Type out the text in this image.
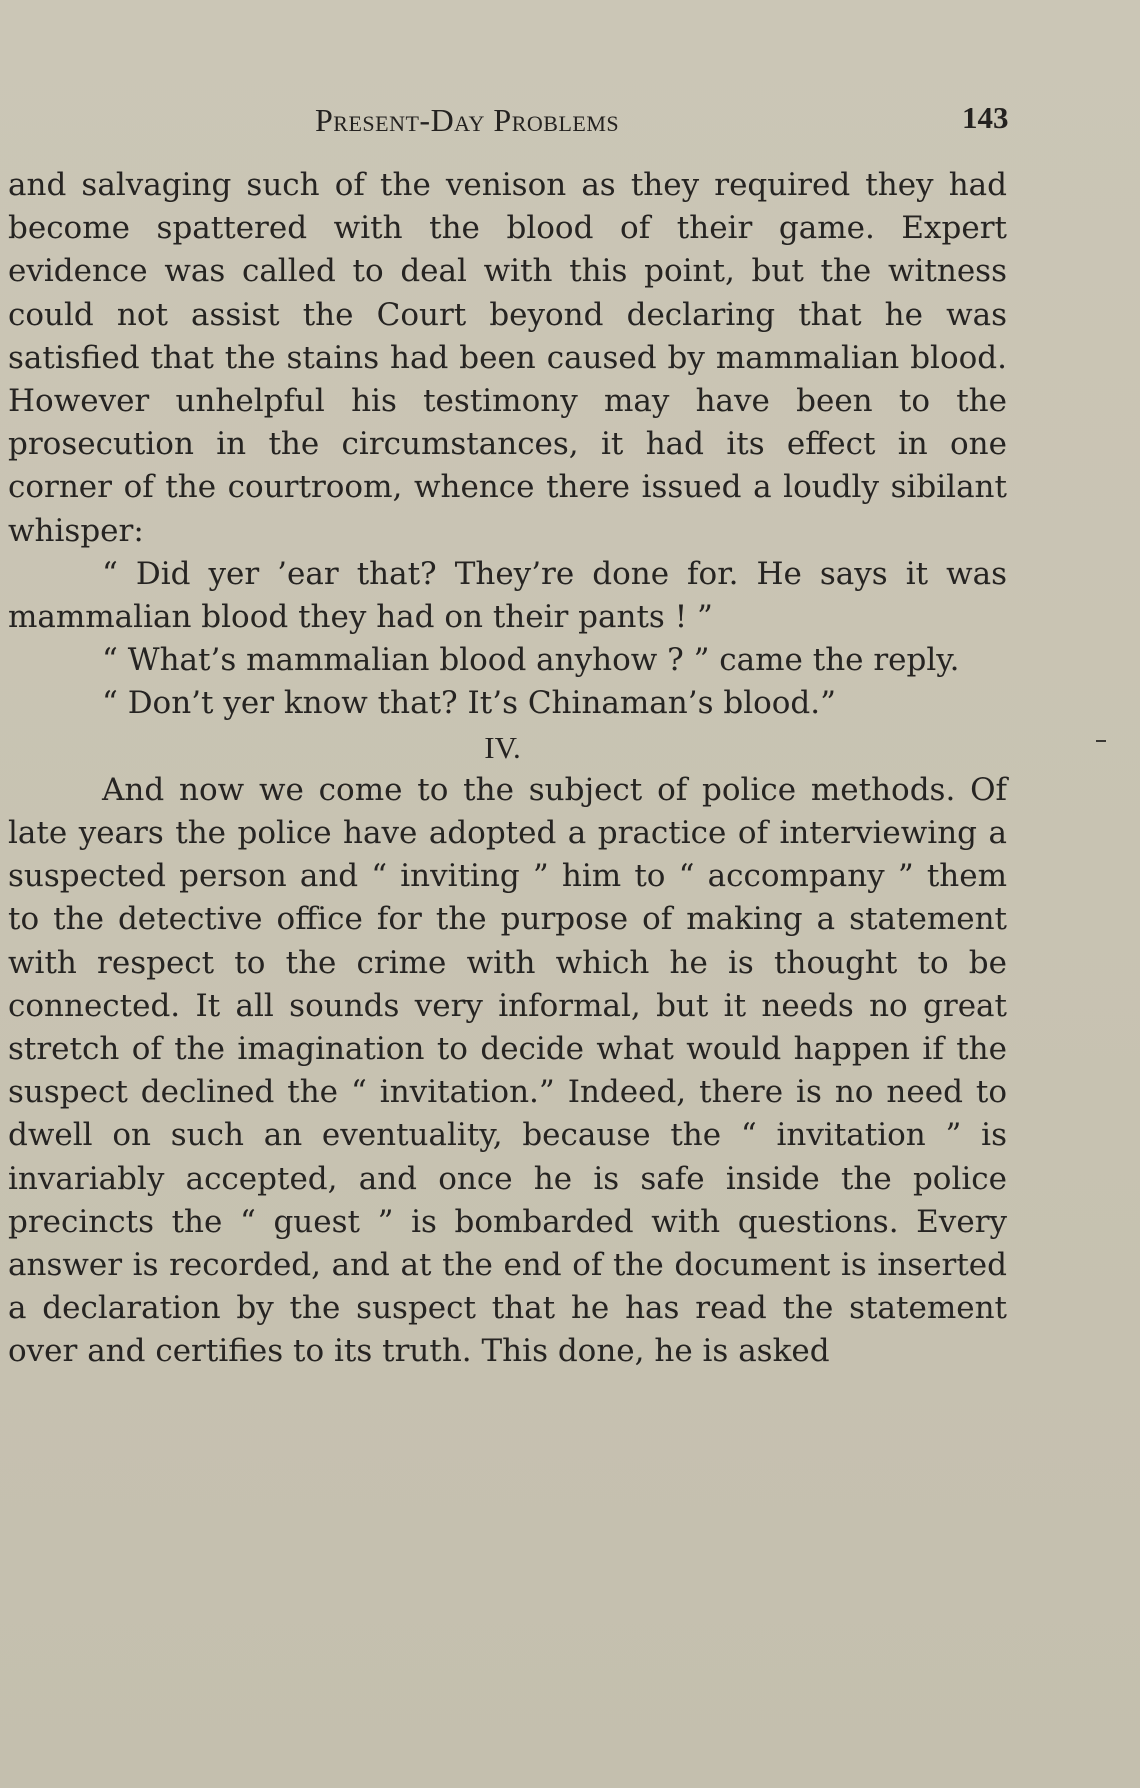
Present-Day Problems	143

and salvaging such of the venison as they required they had become spattered with the blood of their game. Expert evidence was called to deal with this point, but the witness could not assist the Court beyond declaring that he was satisfied that the stains had been caused by mammalian blood. However unhelpful his testimony may have been to the prosecution in the circumstances, it had its effect in one corner of the courtroom, whence there issued a loudly sibilant whisper:

“ Did yer ’ear that? They’re done for. He says it was mammalian blood they had on their pants ! ”

“ What’s mammalian blood anyhow ? ” came the reply.

“ Don’t yer know that? It’s Chinaman’s blood.”

IV.

And now we come to the subject of police methods. Of late years the police have adopted a practice of interviewing a suspected person and “ inviting ” him to “ accompany ” them to the detective office for the purpose of making a statement with respect to the crime with which he is thought to be connected. It all sounds very informal, but it needs no great stretch of the imagination to decide what would happen if the suspect declined the “ invitation.” Indeed, there is no need to dwell on such an eventuality, because the “ invitation ” is invariably accepted, and once he is safe inside the police precincts the “ guest ” is bombarded with questions. Every answer is recorded, and at the end of the document is inserted a declaration by the suspect that he has read the statement over and certifies to its truth. This done, he is asked
